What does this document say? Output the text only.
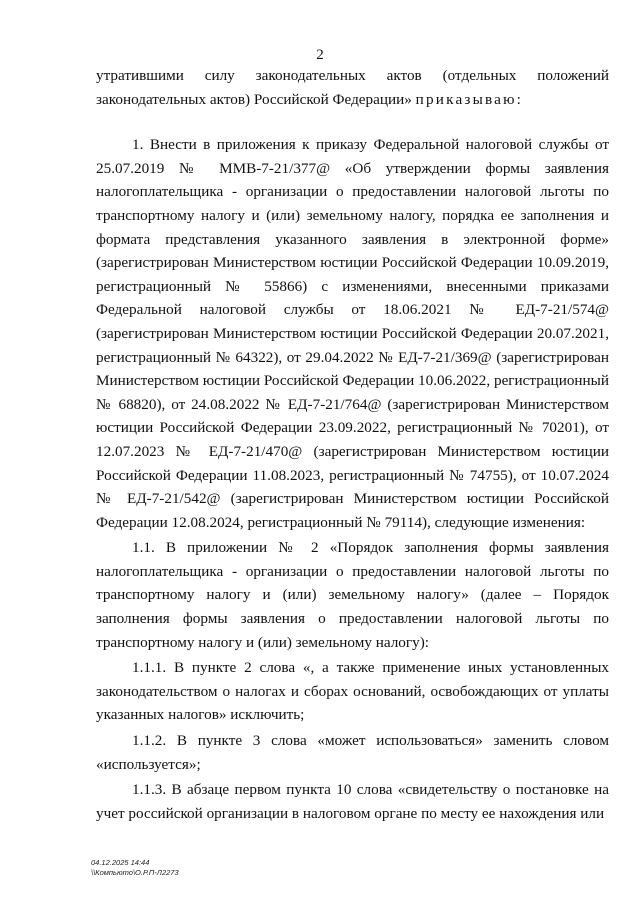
2

утратившими силу законодательных актов (отдельных положений законодательных актов) Российской Федерации» приказываю:

1. Внести в приложения к приказу Федеральной налоговой службы от 25.07.2019 № ММВ-7-21/377@ «Об утверждении формы заявления налогоплательщика - организации о предоставлении налоговой льготы по транспортному налогу и (или) земельному налогу, порядка ее заполнения и формата представления указанного заявления в электронной форме» (зарегистрирован Министерством юстиции Российской Федерации 10.09.2019, регистрационный № 55866) с изменениями, внесенными приказами Федеральной налоговой службы от 18.06.2021 № ЕД-7-21/574@ (зарегистрирован Министерством юстиции Российской Федерации 20.07.2021, регистрационный № 64322), от 29.04.2022 № ЕД-7-21/369@ (зарегистрирован Министерством юстиции Российской Федерации 10.06.2022, регистрационный № 68820), от 24.08.2022 № ЕД-7-21/764@ (зарегистрирован Министерством юстиции Российской Федерации 23.09.2022, регистрационный № 70201), от 12.07.2023 № ЕД-7-21/470@ (зарегистрирован Министерством юстиции Российской Федерации 11.08.2023, регистрационный № 74755), от 10.07.2024 № ЕД-7-21/542@ (зарегистрирован Министерством юстиции Российской Федерации 12.08.2024, регистрационный № 79114), следующие изменения:

1.1. В приложении № 2 «Порядок заполнения формы заявления налогоплательщика - организации о предоставлении налоговой льготы по транспортному налогу и (или) земельному налогу» (далее – Порядок заполнения формы заявления о предоставлении налоговой льготы по транспортному налогу и (или) земельному налогу):

1.1.1. В пункте 2 слова «, а также применение иных установленных законодательством о налогах и сборах оснований, освобождающих от уплаты указанных налогов» исключить;

1.1.2. В пункте 3 слова «может использоваться» заменить словом «используется»;

1.1.3. В абзаце первом пункта 10 слова «свидетельству о постановке на учет российской организации в налоговом органе по месту ее нахождения или

04.12.2025 14:44
\\Компьюто\О.Р.П-Л2273
